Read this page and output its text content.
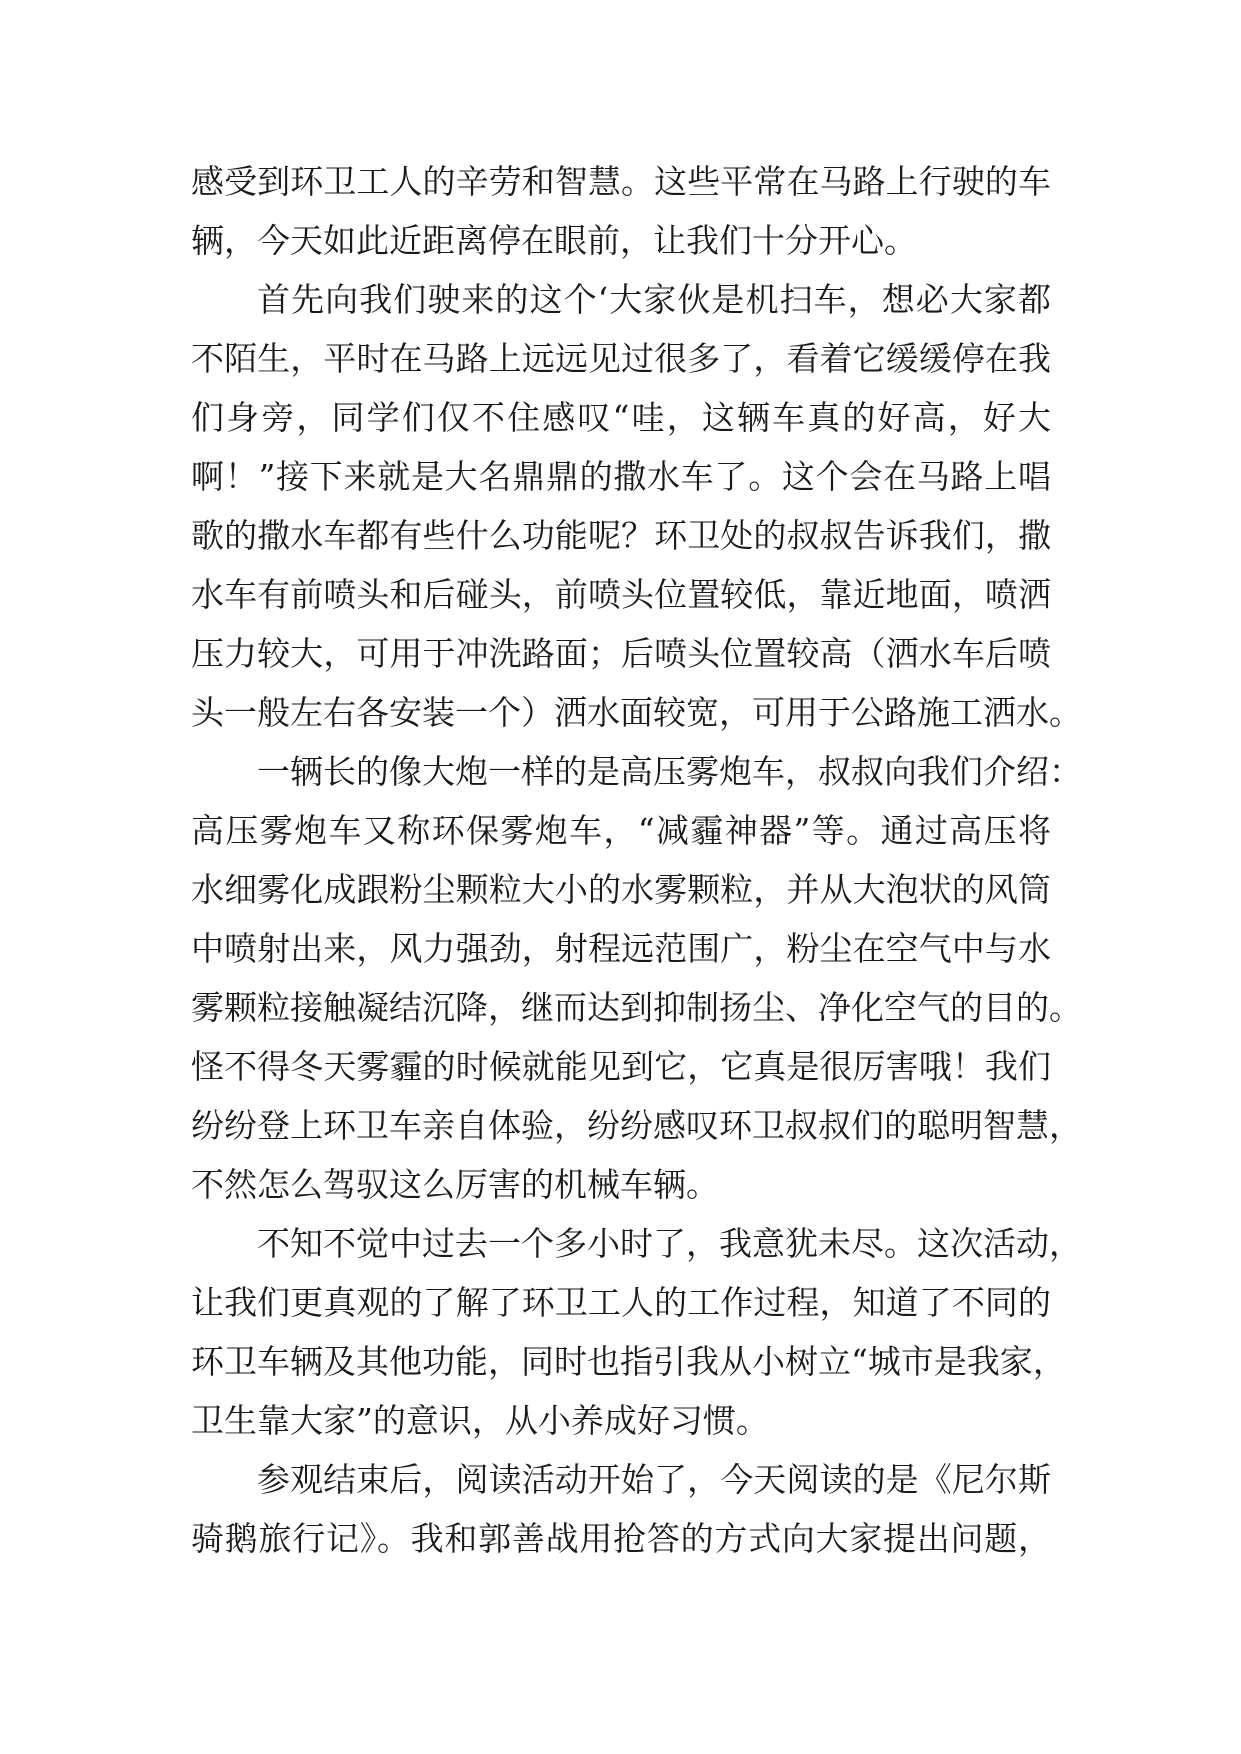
感受到环卫工人的辛劳和智慧。这些平常在马路上行驶的车
辆，今天如此近距离停在眼前，让我们十分开心。
首先向我们驶来的这个‘大家伙是机扫车，想必大家都
不陌生，平时在马路上远远见过很多了，看着它缓缓停在我
们身旁，同学们仅不住感叹“哇，这辆车真的好高，好大
啊！”接下来就是大名鼎鼎的撒水车了。这个会在马路上唱
歌的撒水车都有些什么功能呢？环卫处的叔叔告诉我们，撒
水车有前喷头和后碰头，前喷头位置较低，靠近地面，喷洒
压力较大，可用于冲洗路面；后喷头位置较高（洒水车后喷
头一般左右各安装一个）洒水面较宽，可用于公路施工洒水。
一辆长的像大炮一样的是高压雾炮车，叔叔向我们介绍：
高压雾炮车又称环保雾炮车，“减霾神器”等。通过高压将
水细雾化成跟粉尘颗粒大小的水雾颗粒，并从大泡状的风筒
中喷射出来，风力强劲，射程远范围广，粉尘在空气中与水
雾颗粒接触凝结沉降，继而达到抑制扬尘、净化空气的目的。
怪不得冬天雾霾的时候就能见到它，它真是很厉害哦！我们
纷纷登上环卫车亲自体验，纷纷感叹环卫叔叔们的聪明智慧，
不然怎么驾驭这么厉害的机械车辆。
不知不觉中过去一个多小时了，我意犹未尽。这次活动，
让我们更真观的了解了环卫工人的工作过程，知道了不同的
环卫车辆及其他功能，同时也指引我从小树立“城市是我家，
卫生靠大家”的意识，从小养成好习惯。
参观结束后，阅读活动开始了，今天阅读的是《尼尔斯
骑鹅旅行记》。我和郭善战用抢答的方式向大家提出问题，
